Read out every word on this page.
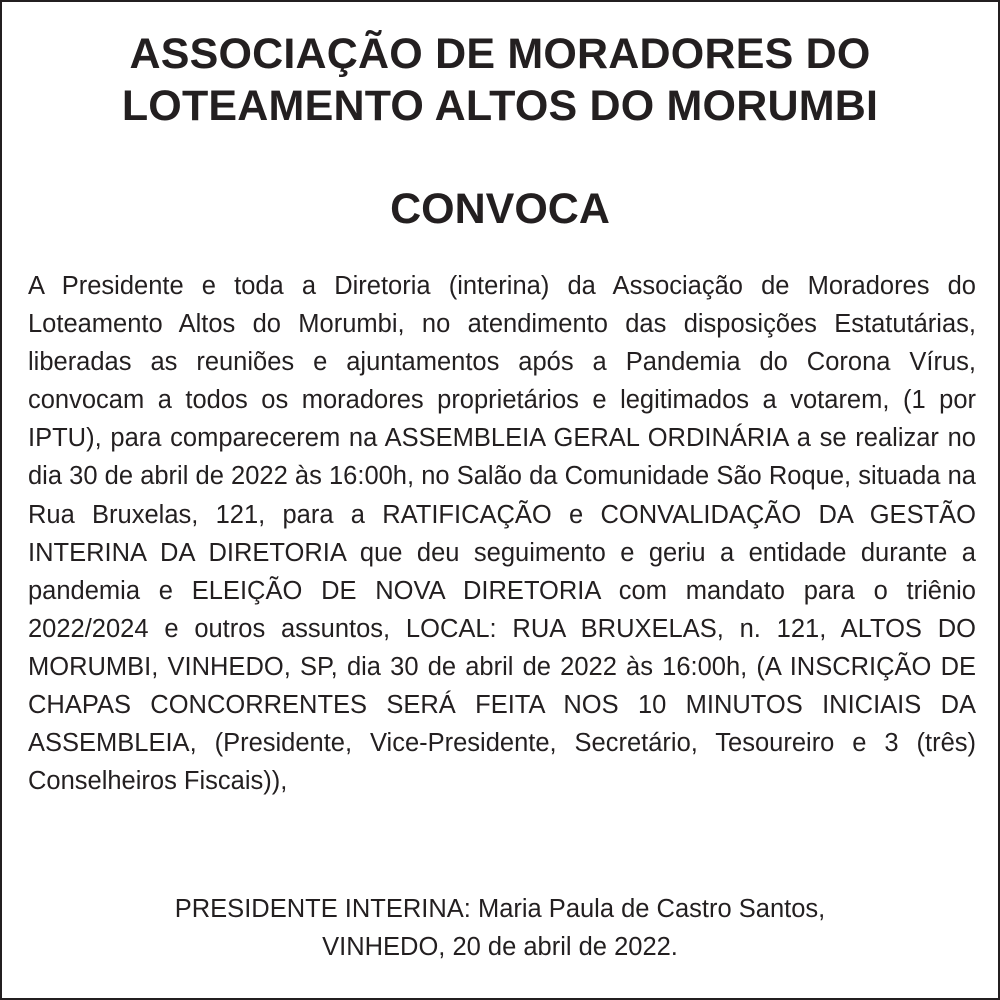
ASSOCIAÇÃO DE MORADORES DO
LOTEAMENTO ALTOS DO MORUMBI
CONVOCA

A Presidente e toda a Diretoria (interina) da Associação de Moradores do Loteamento Altos do Morumbi, no atendimento das disposições Estatutárias, liberadas as reuniões e ajuntamentos após a Pandemia do Corona Vírus, convocam a todos os moradores proprietários e legitimados a votarem, (1 por IPTU), para comparecerem na ASSEMBLEIA GERAL ORDINÁRIA a se realizar no dia 30 de abril de 2022 às 16:00h, no Salão da Comunidade São Roque, situada na Rua Bruxelas, 121, para a RATIFICAÇÃO e CONVALIDAÇÃO DA GESTÃO INTERINA DA DIRETORIA que deu seguimento e geriu a entidade durante a pandemia e ELEIÇÃO DE NOVA DIRETORIA com mandato para o triênio 2022/2024 e outros assuntos, LOCAL: RUA BRUXELAS, n. 121, ALTOS DO MORUMBI, VINHEDO, SP, dia 30 de abril de 2022 às 16:00h, (A INSCRIÇÃO DE CHAPAS CONCORRENTES SERÁ FEITA NOS 10 MINUTOS INICIAIS DA ASSEMBLEIA, (Presidente, Vice-Presidente, Secretário, Tesoureiro e 3 (três) Conselheiros Fiscais)),

PRESIDENTE INTERINA: Maria Paula de Castro Santos,
VINHEDO, 20 de abril de 2022.
